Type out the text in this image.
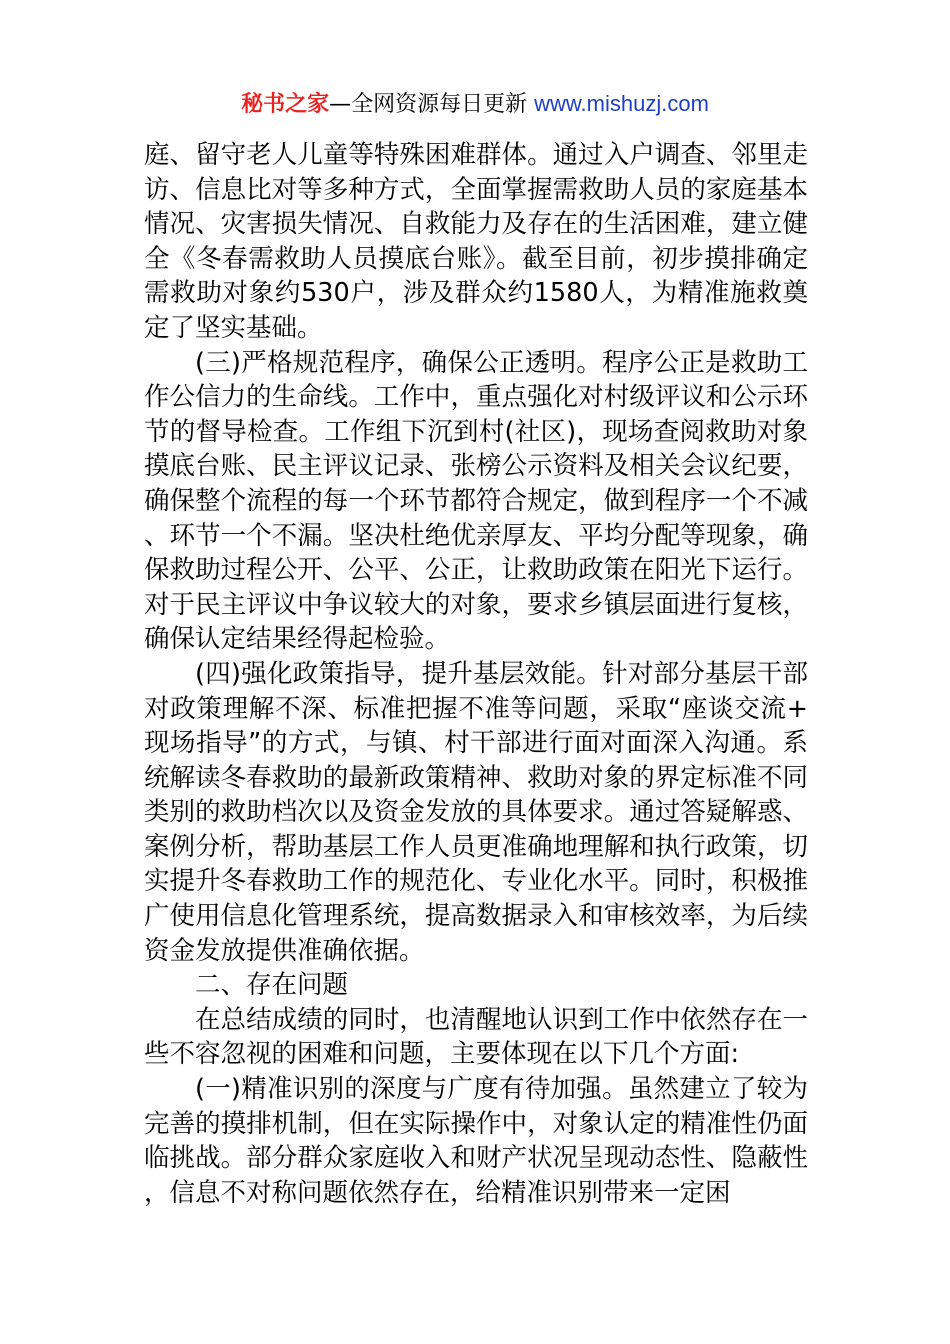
秘书之家—全网资源每日更新 www.mishuzj.com

庭、留守老人儿童等特殊困难群体。通过入户调查、邻里走访、信息比对等多种方式，全面掌握需救助人员的家庭基本情况、灾害损失情况、自救能力及存在的生活困难，建立健全《冬春需救助人员摸底台账》。截至目前，初步摸排确定需救助对象约530户，涉及群众约1580人，为精准施救奠定了坚实基础。

(三)严格规范程序，确保公正透明。程序公正是救助工作公信力的生命线。工作中，重点强化对村级评议和公示环节的督导检查。工作组下沉到村(社区)，现场查阅救助对象摸底台账、民主评议记录、张榜公示资料及相关会议纪要，确保整个流程的每一个环节都符合规定，做到程序一个不减、环节一个不漏。坚决杜绝优亲厚友、平均分配等现象，确保救助过程公开、公平、公正，让救助政策在阳光下运行。对于民主评议中争议较大的对象，要求乡镇层面进行复核，确保认定结果经得起检验。

(四)强化政策指导，提升基层效能。针对部分基层干部对政策理解不深、标准把握不准等问题，采取“座谈交流+现场指导”的方式，与镇、村干部进行面对面深入沟通。系统解读冬春救助的最新政策精神、救助对象的界定标准不同类别的救助档次以及资金发放的具体要求。通过答疑解惑、案例分析，帮助基层工作人员更准确地理解和执行政策，切实提升冬春救助工作的规范化、专业化水平。同时，积极推广使用信息化管理系统，提高数据录入和审核效率，为后续资金发放提供准确依据。

二、存在问题

在总结成绩的同时，也清醒地认识到工作中依然存在一些不容忽视的困难和问题，主要体现在以下几个方面:

(一)精准识别的深度与广度有待加强。虽然建立了较为完善的摸排机制，但在实际操作中，对象认定的精准性仍面临挑战。部分群众家庭收入和财产状况呈现动态性、隐蔽性，信息不对称问题依然存在，给精准识别带来一定困
